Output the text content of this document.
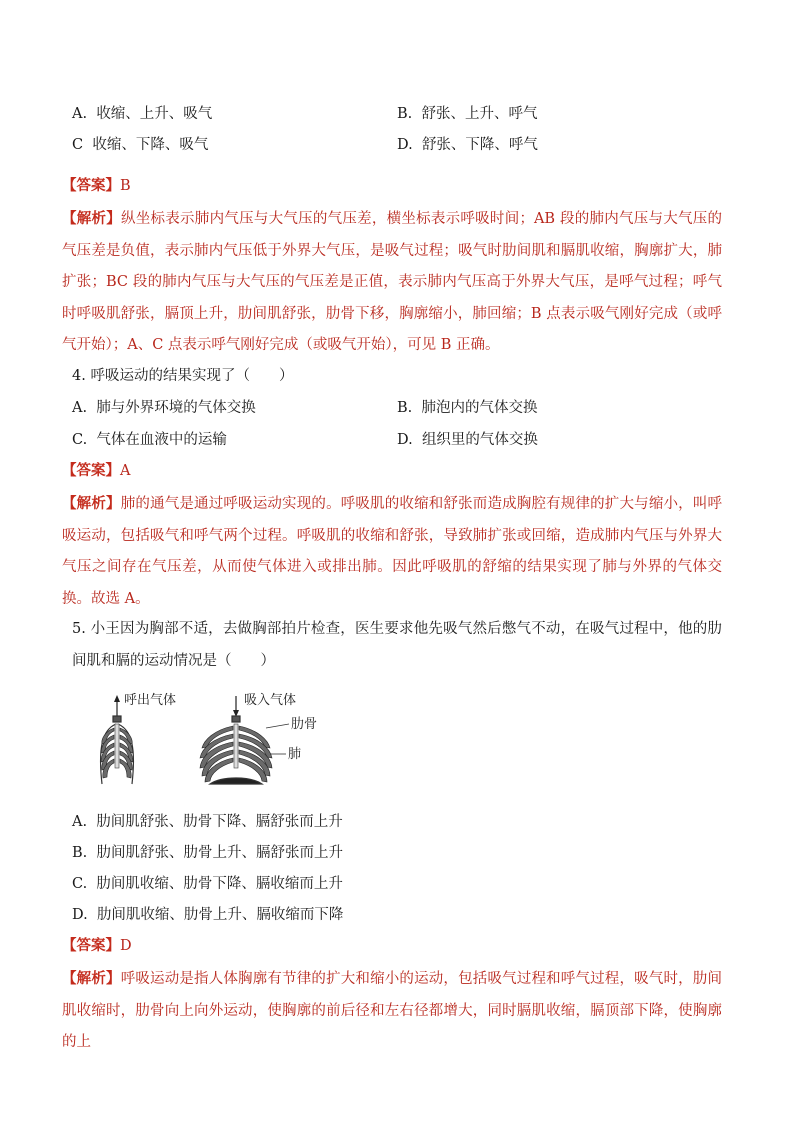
A. 收缩、上升、吸气	B. 舒张、上升、呼气
C 收缩、下降、吸气	D. 舒张、下降、呼气
【答案】B
【解析】纵坐标表示肺内气压与大气压的气压差，横坐标表示呼吸时间；AB 段的肺内气压与大气压的气压差是负值，表示肺内气压低于外界大气压，是吸气过程；吸气时肋间肌和膈肌收缩，胸廓扩大，肺扩张；BC 段的肺内气压与大气压的气压差是正值，表示肺内气压高于外界大气压，是呼气过程；呼气时呼吸肌舒张，膈顶上升，肋间肌舒张，肋骨下移，胸廓缩小，肺回缩；B 点表示吸气刚好完成（或呼气开始）；A、C 点表示呼气刚好完成（或吸气开始），可见 B 正确。
4. 呼吸运动的结果实现了（　　）
A. 肺与外界环境的气体交换	B. 肺泡内的气体交换
C. 气体在血液中的运输	D. 组织里的气体交换
【答案】A
【解析】肺的通气是通过呼吸运动实现的。呼吸肌的收缩和舒张而造成胸腔有规律的扩大与缩小，叫呼吸运动，包括吸气和呼气两个过程。呼吸肌的收缩和舒张，导致肺扩张或回缩，造成肺内气压与外界大气压之间存在气压差，从而使气体进入或排出肺。因此呼吸肌的舒缩的结果实现了肺与外界的气体交换。故选 A。
5. 小王因为胸部不适，去做胸部拍片检查，医生要求他先吸气然后憋气不动，在吸气过程中，他的肋间肌和膈的运动情况是（　　）
呼出气体	吸入气体
肋骨
肺
A. 肋间肌舒张、肋骨下降、膈舒张而上升
B. 肋间肌舒张、肋骨上升、膈舒张而上升
C. 肋间肌收缩、肋骨下降、膈收缩而上升
D. 肋间肌收缩、肋骨上升、膈收缩而下降
【答案】D
【解析】呼吸运动是指人体胸廓有节律的扩大和缩小的运动，包括吸气过程和呼气过程，吸气时，肋间肌收缩时，肋骨向上向外运动，使胸廓的前后径和左右径都增大，同时膈肌收缩，膈顶部下降，使胸廓的上
